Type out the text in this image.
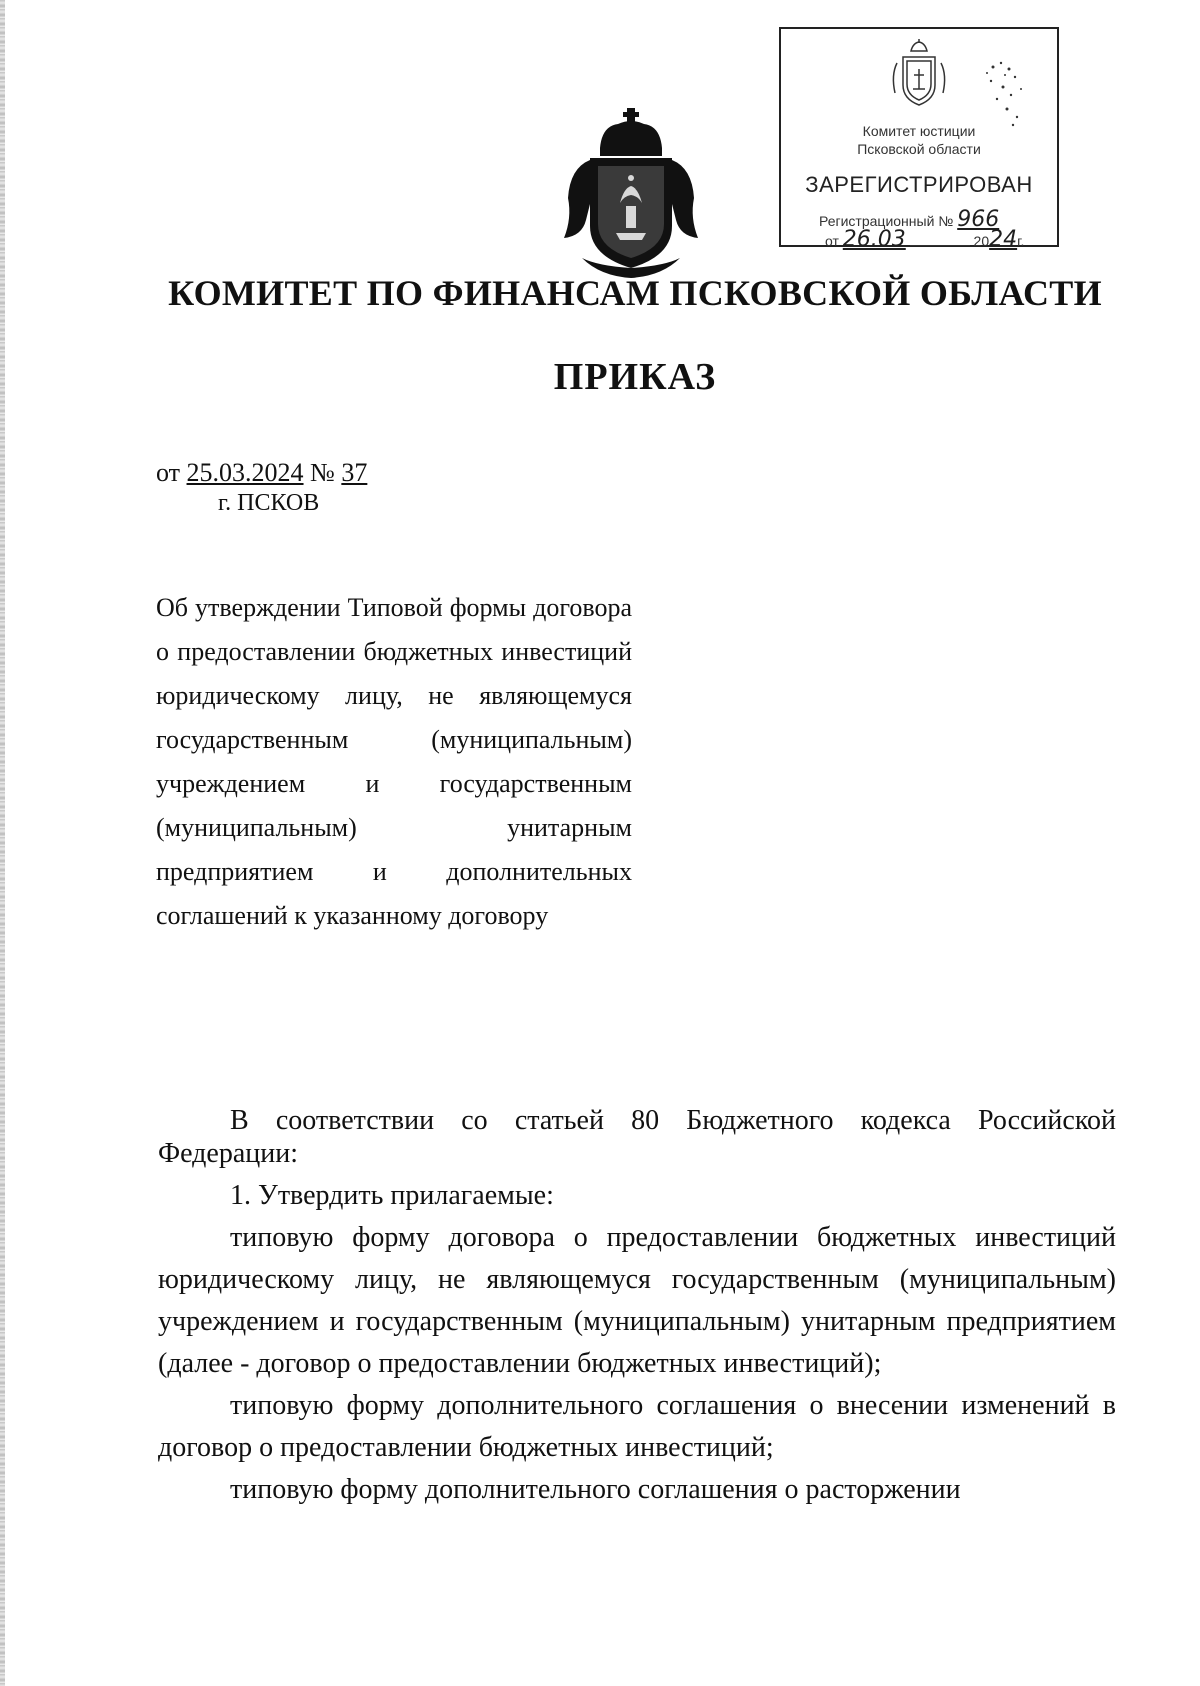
Комитет юстиции
Псковской области
ЗАРЕГИСТРИРОВАН
Регистрационный № 966
от 26.03	2024г.
КОМИТЕТ ПО ФИНАНСАМ ПСКОВСКОЙ ОБЛАСТИ
ПРИКАЗ
от 25.03.2024 № 37
г. ПСКОВ

Об утверждении Типовой формы договора о предоставлении бюджетных инвестиций юридическому лицу, не являющемуся государственным (муниципальным) учреждением и государственным (муниципальным) унитарным предприятием и дополнительных соглашений к указанному договору

В соответствии со статьей 80 Бюджетного кодекса Российской Федерации:

1. Утвердить прилагаемые:

типовую форму договора о предоставлении бюджетных инвестиций юридическому лицу, не являющемуся государственным (муниципальным) учреждением и государственным (муниципальным) унитарным предприятием (далее - договор о предоставлении бюджетных инвестиций);

типовую форму дополнительного соглашения о внесении изменений в договор о предоставлении бюджетных инвестиций;

типовую форму дополнительного соглашения о расторжении
